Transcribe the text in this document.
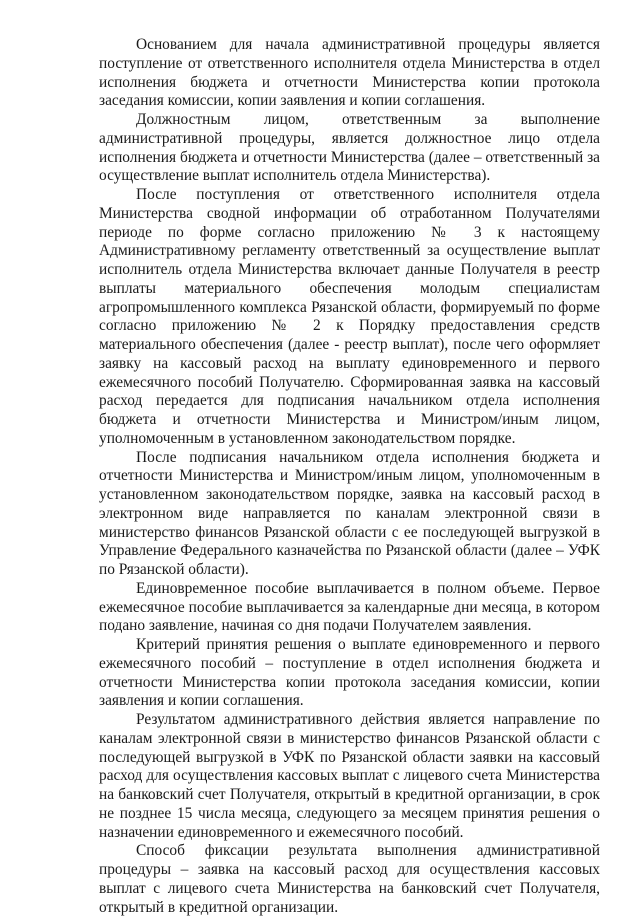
Основанием для начала административной процедуры является поступление от ответственного исполнителя отдела Министерства в отдел исполнения бюджета и отчетности Министерства копии протокола заседания комиссии, копии заявления и копии соглашения.

Должностным лицом, ответственным за выполнение административной процедуры, является должностное лицо отдела исполнения бюджета и отчетности Министерства (далее – ответственный за осуществление выплат исполнитель отдела Министерства).

После поступления от ответственного исполнителя отдела Министерства сводной информации об отработанном Получателями периоде по форме согласно приложению № 3 к настоящему Административному регламенту ответственный за осуществление выплат исполнитель отдела Министерства включает данные Получателя в реестр выплаты материального обеспечения молодым специалистам агропромышленного комплекса Рязанской области, формируемый по форме согласно приложению № 2 к Порядку предоставления средств материального обеспечения (далее - реестр выплат), после чего оформляет заявку на кассовый расход на выплату единовременного и первого ежемесячного пособий Получателю. Сформированная заявка на кассовый расход передается для подписания начальником отдела исполнения бюджета и отчетности Министерства и Министром/иным лицом, уполномоченным в установленном законодательством порядке.

После подписания начальником отдела исполнения бюджета и отчетности Министерства и Министром/иным лицом, уполномоченным в установленном законодательством порядке, заявка на кассовый расход в электронном виде направляется по каналам электронной связи в министерство финансов Рязанской области с ее последующей выгрузкой в Управление Федерального казначейства по Рязанской области (далее – УФК по Рязанской области).

Единовременное пособие выплачивается в полном объеме. Первое ежемесячное пособие выплачивается за календарные дни месяца, в котором подано заявление, начиная со дня подачи Получателем заявления.

Критерий принятия решения о выплате единовременного и первого ежемесячного пособий – поступление в отдел исполнения бюджета и отчетности Министерства копии протокола заседания комиссии, копии заявления и копии соглашения.

Результатом административного действия является направление по каналам электронной связи в министерство финансов Рязанской области с последующей выгрузкой в УФК по Рязанской области заявки на кассовый расход для осуществления кассовых выплат с лицевого счета Министерства на банковский счет Получателя, открытый в кредитной организации, в срок не позднее 15 числа месяца, следующего за месяцем принятия решения о назначении единовременного и ежемесячного пособий.

Способ фиксации результата выполнения административной процедуры – заявка на кассовый расход для осуществления кассовых выплат с лицевого счета Министерства на банковский счет Получателя, открытый в кредитной организации.
